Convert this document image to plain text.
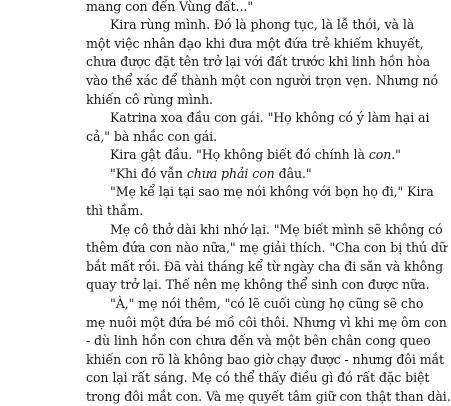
mang con đến Vùng đất..."
Kira rùng mình. Đó là phong tục, là lễ thói, và là
một việc nhân đạo khi đưa một đứa trẻ khiếm khuyết,
chưa được đặt tên trở lại với đất trước khi linh hồn hòa
vào thể xác để thành một con người trọn vẹn. Nhưng nó
khiến cô rùng mình.
Katrina xoa đầu con gái. "Họ không có ý làm hại ai
cả," bà nhắc con gái.
Kira gật đầu. "Họ không biết đó chính là con."
"Khi đó vẫn chưa phải con đâu."
"Mẹ kể lại tại sao mẹ nói không với bọn họ đi," Kira
thì thầm.
Mẹ cô thở dài khi nhớ lại. "Mẹ biết mình sẽ không có
thêm đứa con nào nữa," mẹ giải thích. "Cha con bị thú dữ
bắt mất rồi. Đã vài tháng kể từ ngày cha đi săn và không
quay trở lại. Thế nên mẹ không thể sinh con được nữa.
"À," mẹ nói thêm, "có lẽ cuối cùng họ cũng sẽ cho
mẹ nuôi một đứa bé mồ côi thôi. Nhưng vì khi mẹ ôm con
- dù linh hồn con chưa đến và một bên chân cong queo
khiến con rõ là không bao giờ chạy được - nhưng đôi mắt
con lại rất sáng. Mẹ có thể thấy điều gì đó rất đặc biệt
trong đôi mắt con. Và mẹ quyết tâm giữ con thật than dài.
